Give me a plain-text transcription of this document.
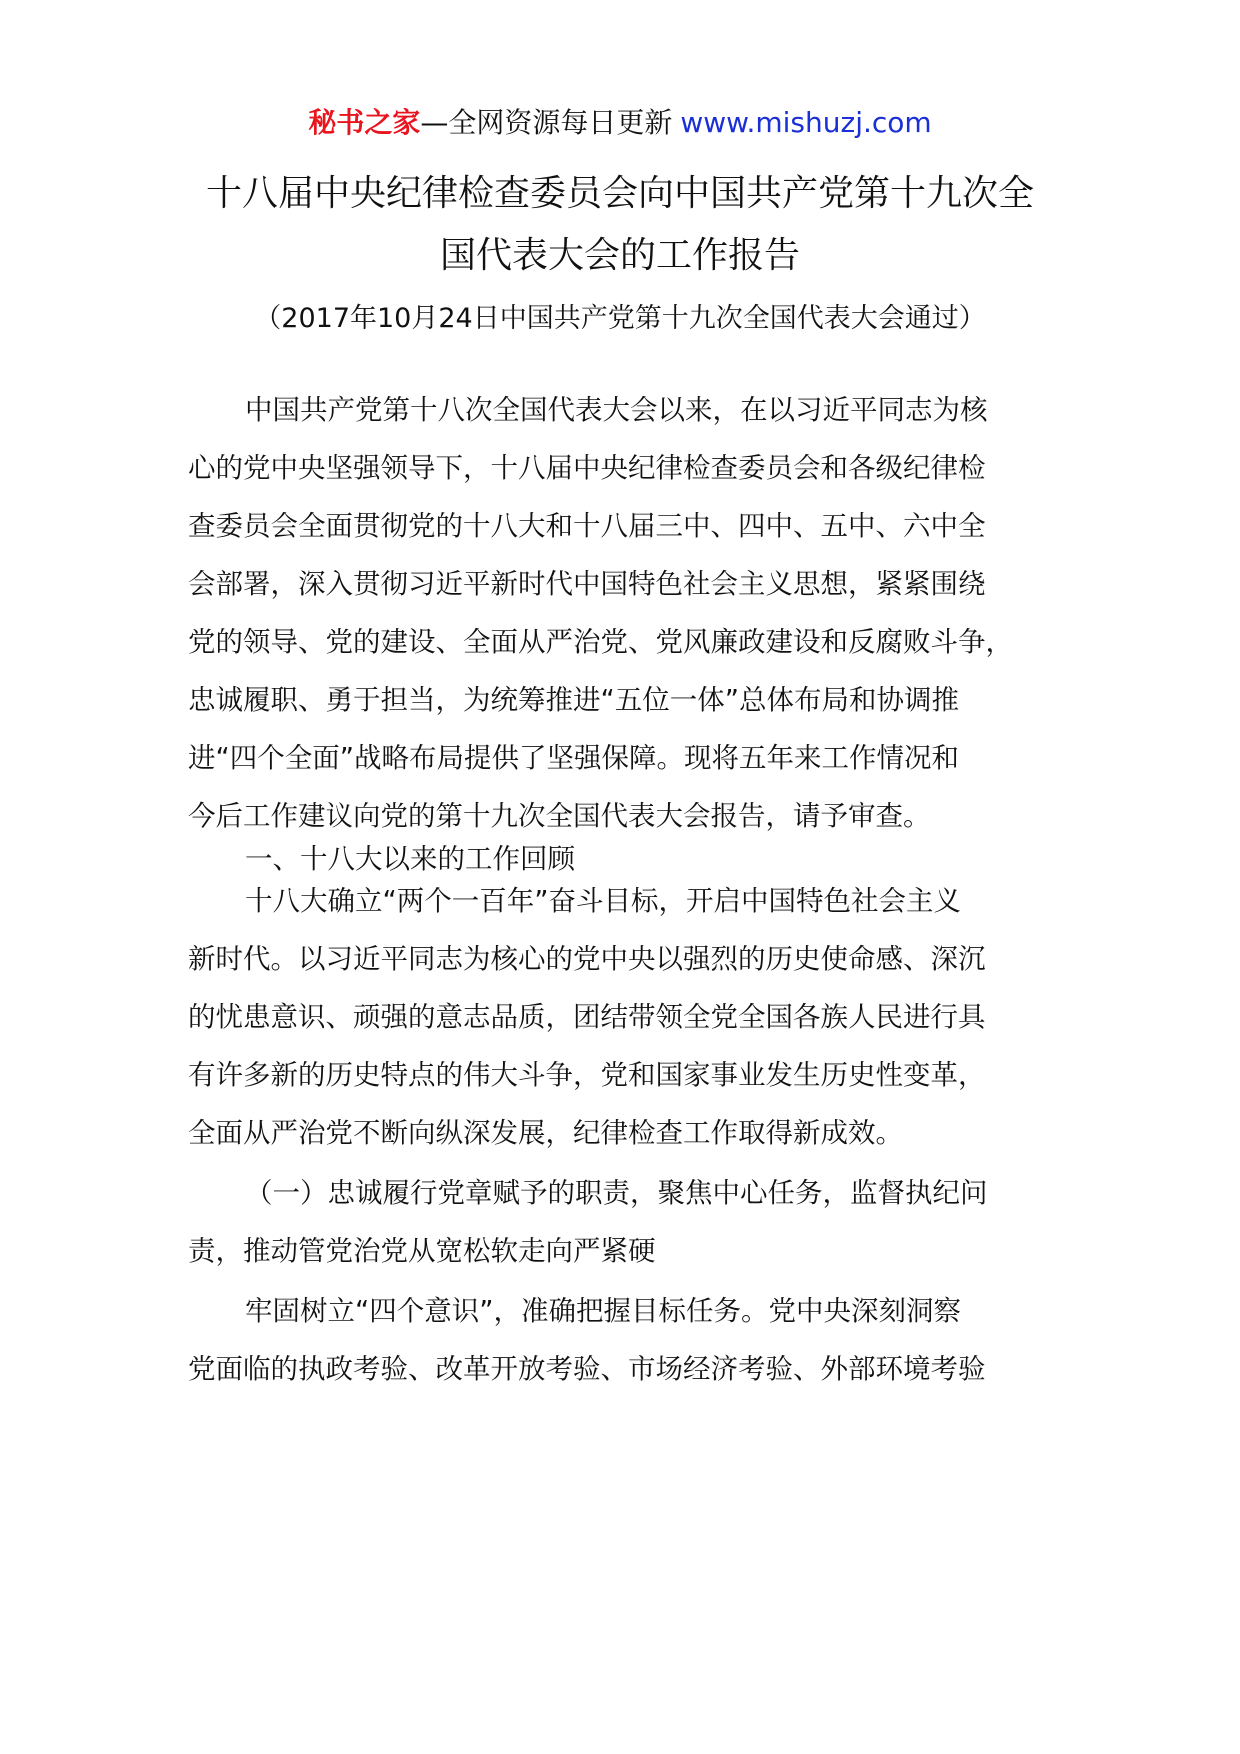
秘书之家—全网资源每日更新 www.mishuzj.com
十八届中央纪律检查委员会向中国共产党第十九次全
国代表大会的工作报告
（2017年10月24日中国共产党第十九次全国代表大会通过）
中国共产党第十八次全国代表大会以来，在以习近平同志为核
心的党中央坚强领导下，十八届中央纪律检查委员会和各级纪律检
查委员会全面贯彻党的十八大和十八届三中、四中、五中、六中全
会部署，深入贯彻习近平新时代中国特色社会主义思想，紧紧围绕
党的领导、党的建设、全面从严治党、党风廉政建设和反腐败斗争，
忠诚履职、勇于担当，为统筹推进“五位一体”总体布局和协调推
进“四个全面”战略布局提供了坚强保障。现将五年来工作情况和
今后工作建议向党的第十九次全国代表大会报告，请予审查。
一、十八大以来的工作回顾
十八大确立“两个一百年”奋斗目标，开启中国特色社会主义
新时代。以习近平同志为核心的党中央以强烈的历史使命感、深沉
的忧患意识、顽强的意志品质，团结带领全党全国各族人民进行具
有许多新的历史特点的伟大斗争，党和国家事业发生历史性变革，
全面从严治党不断向纵深发展，纪律检查工作取得新成效。
（一）忠诚履行党章赋予的职责，聚焦中心任务，监督执纪问
责，推动管党治党从宽松软走向严紧硬
牢固树立“四个意识”，准确把握目标任务。党中央深刻洞察
党面临的执政考验、改革开放考验、市场经济考验、外部环境考验
